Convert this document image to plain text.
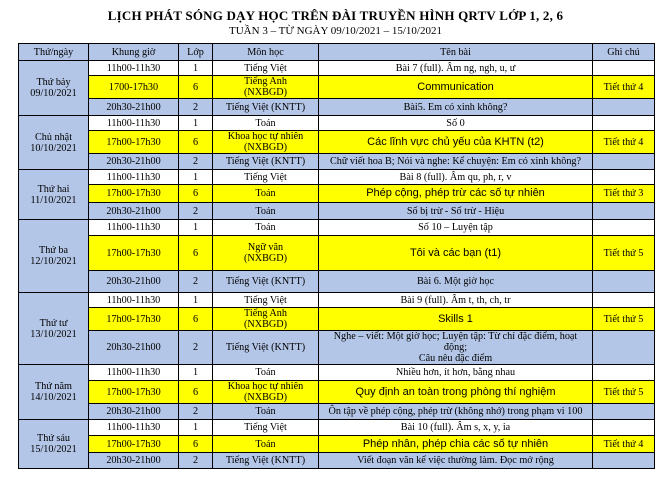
LỊCH PHÁT SÓNG DẠY HỌC TRÊN ĐÀI TRUYỀN HÌNH QRTV LỚP 1, 2, 6
TUẦN 3 – TỪ NGÀY 09/10/2021 – 15/10/2021
Thứ/ngày	Khung giờ	Lớp	Môn học	Tên bài	Ghi chú

Thứ bảy
09/10/2021	11h00-11h30	1	Tiếng Việt	Bài 7 (full). Âm ng, ngh, u, ư	
	1700-17h30	6	Tiếng Anh
(NXBGD)	Communication	Tiết thứ 4
	20h30-21h00	2	Tiếng Việt (KNTT)	Bài5. Em có xinh không?	

Chủ nhật
10/10/2021	11h00-11h30	1	Toán	Số 0	
	17h00-17h30	6	Khoa học tự nhiên
(NXBGD)	Các lĩnh vực chủ yếu của KHTN (t2)	Tiết thứ 4
	20h30-21h00	2	Tiếng Việt (KNTT)	Chữ viết hoa B; Nói và nghe: Kể chuyện: Em có xinh không?	

Thứ hai
11/10/2021	11h00-11h30	1	Tiếng Việt	Bài 8 (full). Âm qu, ph, r, v	
	17h00-17h30	6	Toán	Phép cộng, phép trừ các số tự nhiên	Tiết thứ 3
	20h30-21h00	2	Toán	Số bị trừ - Số trừ - Hiệu	

Thứ ba
12/10/2021	11h00-11h30	1	Toán	Số 10 – Luyện tập	
	17h00-17h30	6	Ngữ văn
(NXBGD)	Tôi và các bạn (t1)	Tiết thứ 5
	20h30-21h00	2	Tiếng Việt (KNTT)	Bài 6. Một giờ học	

Thứ tư
13/10/2021	11h00-11h30	1	Tiếng Việt	Bài 9 (full). Âm t, th, ch, tr	
	17h00-17h30	6	Tiếng Anh
(NXBGD)	Skills 1	Tiết thứ 5
	20h30-21h00	2	Tiếng Việt (KNTT)	Nghe – viết: Một giờ học; Luyện tập: Từ chỉ đặc điểm, hoạt động;
Câu nêu đặc điểm	

Thứ năm
14/10/2021	11h00-11h30	1	Toán	Nhiều hơn, ít hơn, bằng nhau	
	17h00-17h30	6	Khoa học tự nhiên
(NXBGD)	Quy định an toàn trong phòng thí nghiệm	Tiết thứ 5
	20h30-21h00	2	Toán	Ôn tập về phép cộng, phép trừ (không nhớ) trong phạm vi 100	

Thứ sáu
15/10/2021	11h00-11h30	1	Tiếng Việt	Bài 10 (full). Âm s, x, y, ia	
	17h00-17h30	6	Toán	Phép nhân, phép chia các số tự nhiên	Tiết thứ 4
	20h30-21h00	2	Tiếng Việt (KNTT)	Viết đoạn văn kể việc thường làm. Đọc mở rộng	
